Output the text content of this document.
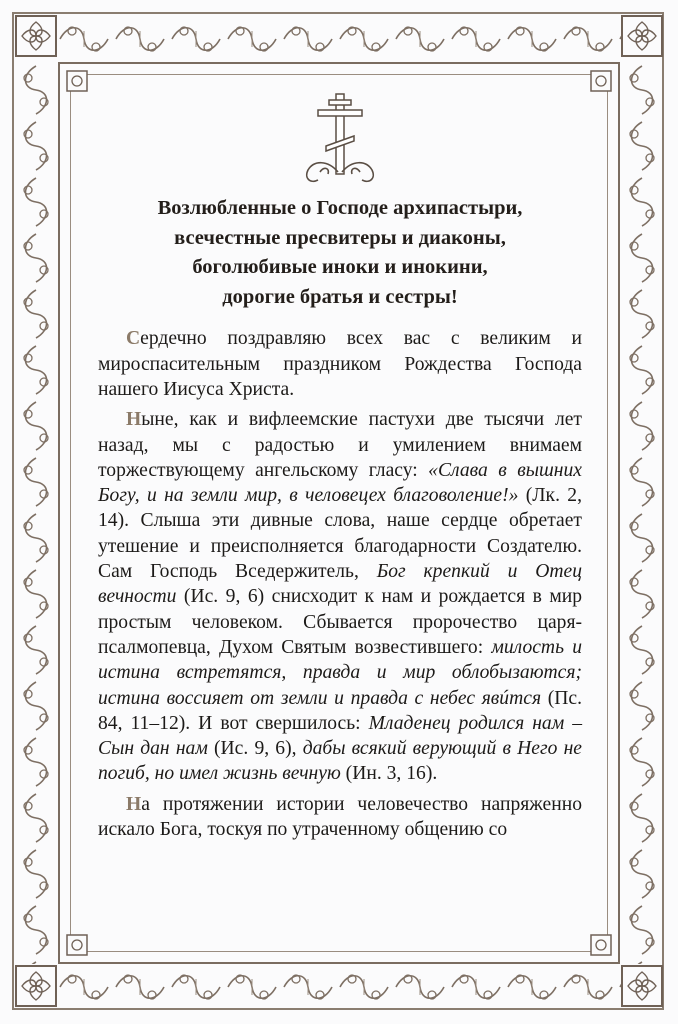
Возлюбленные о Господе архипастыри,
всечестные пресвитеры и диаконы,
боголюбивые иноки и инокини,
дорогие братья и сестры!

Сердечно поздравляю всех вас с великим и мироспасительным праздником Рождества Господа нашего Иисуса Христа.

Ныне, как и вифлеемские пастухи две тысячи лет назад, мы с радостью и умилением внимаем торжествующему ангельскому гласу: «Слава в вышних Богу, и на земли мир, в человецех благоволение!» (Лк. 2, 14). Слыша эти дивные слова, наше сердце обретает утешение и преисполняется благодарности Создателю. Сам Господь Вседержитель, Бог крепкий и Отец вечности (Ис. 9, 6) снисходит к нам и рождается в мир простым человеком. Сбывается пророчество царя-псалмопевца, Духом Святым возвестившего: милость и истина встретятся, правда и мир облобызаются; истина воссияет от земли и правда с небес явúтся (Пс. 84, 11–12). И вот свершилось: Младенец родился нам – Сын дан нам (Ис. 9, 6), дабы всякий верующий в Него не погиб, но имел жизнь вечную (Ин. 3, 16).

На протяжении истории человечество напряженно искало Бога, тоскуя по утраченному общению со
